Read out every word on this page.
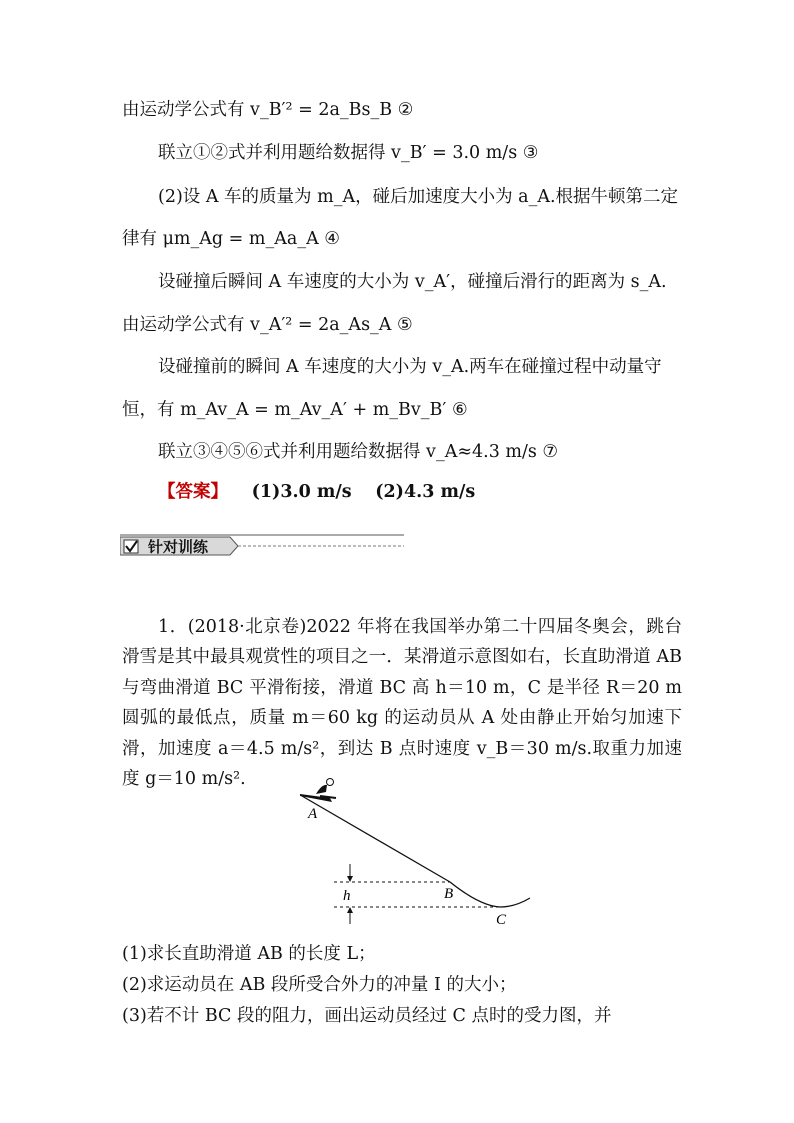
由运动学公式有 v_B′² = 2a_Bs_B ②
联立①②式并利用题给数据得 v_B′ = 3.0 m/s ③
(2)设 A 车的质量为 m_A，碰后加速度大小为 a_A.根据牛顿第二定
律有 μm_Ag = m_Aa_A ④
设碰撞后瞬间 A 车速度的大小为 v_A′，碰撞后滑行的距离为 s_A.
由运动学公式有 v_A′² = 2a_As_A ⑤
设碰撞前的瞬间 A 车速度的大小为 v_A.两车在碰撞过程中动量守
恒，有 m_Av_A = m_Av_A′ + m_Bv_B′ ⑥
联立③④⑤⑥式并利用题给数据得 v_A≈4.3 m/s ⑦
【答案】 (1)3.0 m/s (2)4.3 m/s
针对训练
1．(2018·北京卷)2022 年将在我国举办第二十四届冬奥会，跳台滑雪是其中最具观赏性的项目之一．某滑道示意图如右，长直助滑道 AB 与弯曲滑道 BC 平滑衔接，滑道 BC 高 h＝10 m，C 是半径 R＝20 m 圆弧的最低点，质量 m＝60 kg 的运动员从 A 处由静止开始匀加速下滑，加速度 a＝4.5 m/s²，到达 B 点时速度 v_B＝30 m/s.取重力加速度 g＝10 m/s².
h
A
B
C
(1)求长直助滑道 AB 的长度 L；
(2)求运动员在 AB 段所受合外力的冲量 I 的大小；
(3)若不计 BC 段的阻力，画出运动员经过 C 点时的受力图，并
